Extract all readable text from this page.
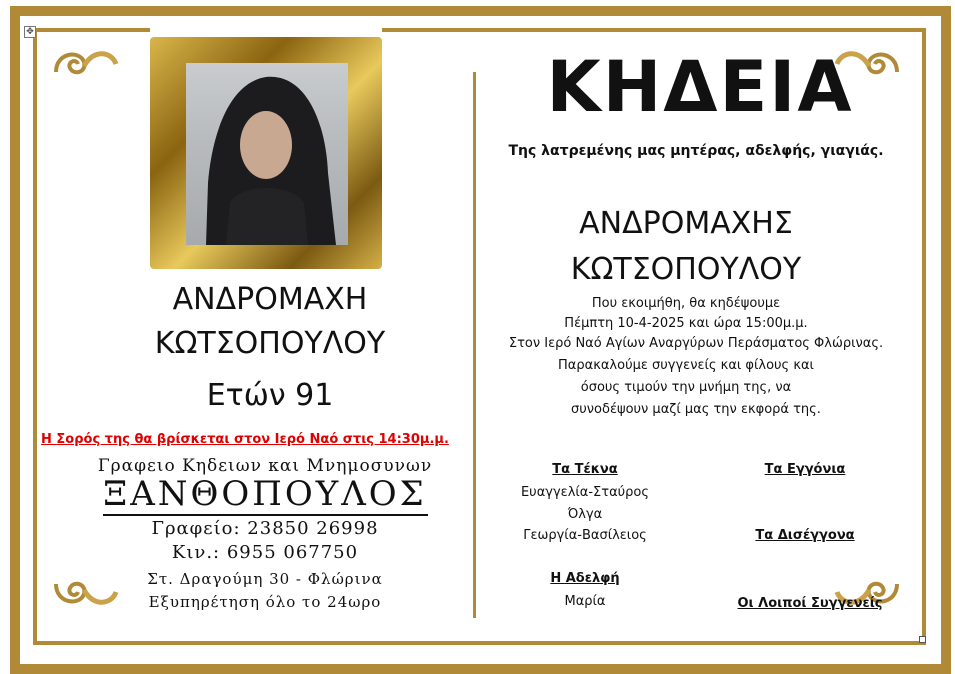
✥
ΑΝΔΡΟΜΑΧΗ
ΚΩΤΣΟΠΟΥΛΟΥ
Ετών 91
Η Σορός της θα βρίσκεται στον Ιερό Ναό στις 14:30μ.μ.
Γραφειο Κηδειων και Μνημοσυνων
ΞΑΝΘΟΠΟΥΛΟΣ
Γραφείο: 23850 26998
Κιν.: 6955 067750
Στ. Δραγούμη 30 - Φλώρινα
Εξυπηρέτηση όλο το 24ωρο
ΚΗΔΕΙΑ
Της λατρεμένης μας μητέρας, αδελφής, γιαγιάς.
ΑΝΔΡΟΜΑΧΗΣ
ΚΩΤΣΟΠΟΥΛΟΥ
Που εκοιμήθη, θα κηδέψουμε
Πέμπτη 10-4-2025 και ώρα 15:00μ.μ.
Στον Ιερό Ναό Αγίων Αναργύρων Περάσματος Φλώρινας.
Παρακαλούμε συγγενείς και φίλους και
όσους τιμούν την μνήμη της, να
συνοδέψουν μαζί μας την εκφορά της.
Τα Τέκνα
Ευαγγελία-Σταύρος
Όλγα
Γεωργία-Βασίλειος
Τα Εγγόνια
Τα Δισέγγονα
Η Αδελφή
Μαρία	Οι Λοιποί Συγγενείς
